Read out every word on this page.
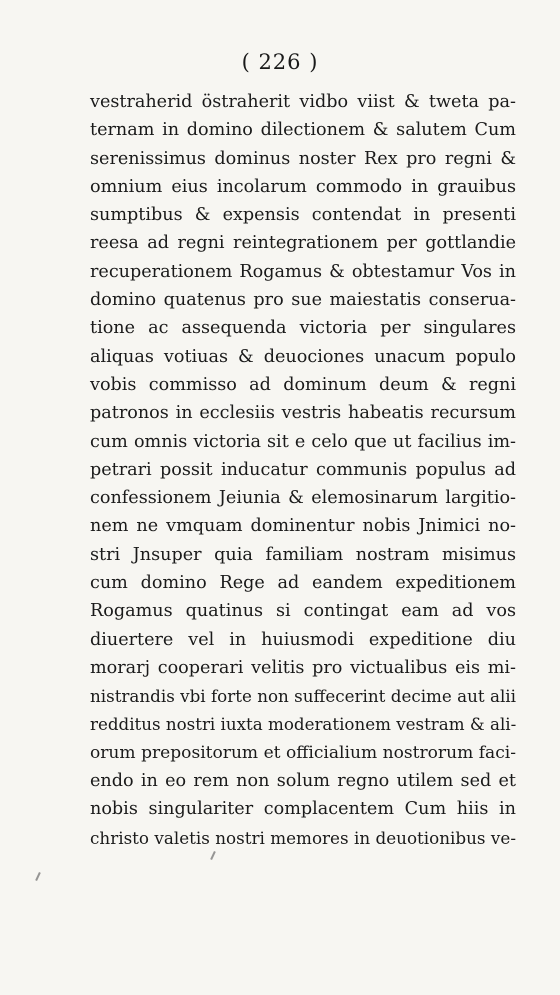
( 226 )
vestraherid östraherit vidbo viist & tweta pa-
ternam in domino dilectionem & salutem Cum
serenissimus dominus noster Rex pro regni &
omnium eius incolarum commodo in grauibus
sumptibus & expensis contendat in presenti
reesa ad regni reintegrationem per gottlandie
recuperationem Rogamus & obtestamur Vos in
domino quatenus pro sue maiestatis conserua-
tione ac assequenda victoria per singulares
aliquas votiuas & deuociones unacum populo
vobis commisso ad dominum deum & regni
patronos in ecclesiis vestris habeatis recursum
cum omnis victoria sit e celo que ut facilius im-
petrari possit inducatur communis populus ad
confessionem Jeiunia & elemosinarum largitio-
nem ne vmquam dominentur nobis Jnimici no-
stri Jnsuper quia familiam nostram misimus
cum domino Rege ad eandem expeditionem
Rogamus quatinus si contingat eam ad vos
diuertere vel in huiusmodi expeditione diu
morarj cooperari velitis pro victualibus eis mi-
nistrandis vbi forte non suffecerint decime aut alii
redditus nostri iuxta moderationem vestram & ali-
orum prepositorum et officialium nostrorum faci-
endo in eo rem non solum regno utilem sed et
nobis singulariter complacentem Cum hiis in
christo valetis nostri memores in deuotionibus ve-
